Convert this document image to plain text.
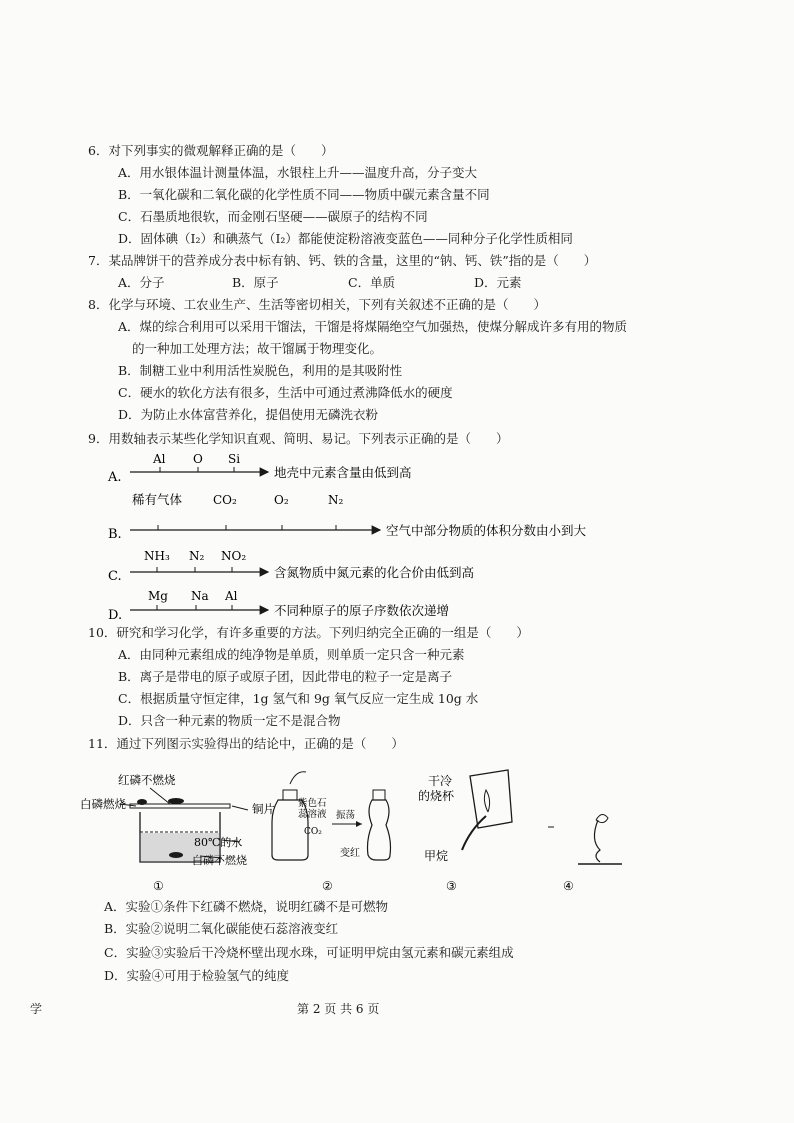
6．对下列事实的微观解释正确的是（　　）
A．用水银体温计测量体温，水银柱上升——温度升高，分子变大
B．一氧化碳和二氧化碳的化学性质不同——物质中碳元素含量不同
C．石墨质地很软，而金刚石坚硬——碳原子的结构不同
D．固体碘（I₂）和碘蒸气（I₂）都能使淀粉溶液变蓝色——同种分子化学性质相同
7．某品牌饼干的营养成分表中标有钠、钙、铁的含量，这里的“钠、钙、铁”指的是（　　）
A．分子	B．原子	C．单质	D．元素
8．化学与环境、工农业生产、生活等密切相关，下列有关叙述不正确的是（　　）
A．煤的综合利用可以采用干馏法，干馏是将煤隔绝空气加强热，使煤分解成许多有用的物质
的一种加工处理方法；故干馏属于物理变化。
B．制糖工业中利用活性炭脱色，利用的是其吸附性
C．硬水的软化方法有很多，生活中可通过煮沸降低水的硬度
D．为防止水体富营养化，提倡使用无磷洗衣粉
9．用数轴表示某些化学知识直观、简明、易记。下列表示正确的是（　　）
A.
Al O Si
地壳中元素含量由低到高
稀有气体	CO₂	O₂	N₂
B.	空气中部分物质的体积分数由小到大
NH₃ N₂ NO₂
C.	含氮物质中氮元素的化合价由低到高
Mg Na Al
D.	不同种原子的原子序数依次递增
10．研究和学习化学，有许多重要的方法。下列归纳完全正确的一组是（　　）
A．由同种元素组成的纯净物是单质，则单质一定只含一种元素
B．离子是带电的原子或原子团，因此带电的粒子一定是离子
C．根据质量守恒定律，1g 氢气和 9g 氧气反应一定生成 10g 水
D．只含一种元素的物质一定不是混合物
11．通过下列图示实验得出的结论中，正确的是（　　）
红磷不燃烧
白磷燃烧	铜片
80℃的水
白磷不燃烧
①
紫色石
蕊溶液
CO₂
振荡
变红
②
干冷
的烧杯
甲烷
③	④
A．实验①条件下红磷不燃烧，说明红磷不是可燃物
B．实验②说明二氧化碳能使石蕊溶液变红
C．实验③实验后干冷烧杯壁出现水珠，可证明甲烷由氢元素和碳元素组成
D．实验④可用于检验氢气的纯度
学	第 2 页 共 6 页
